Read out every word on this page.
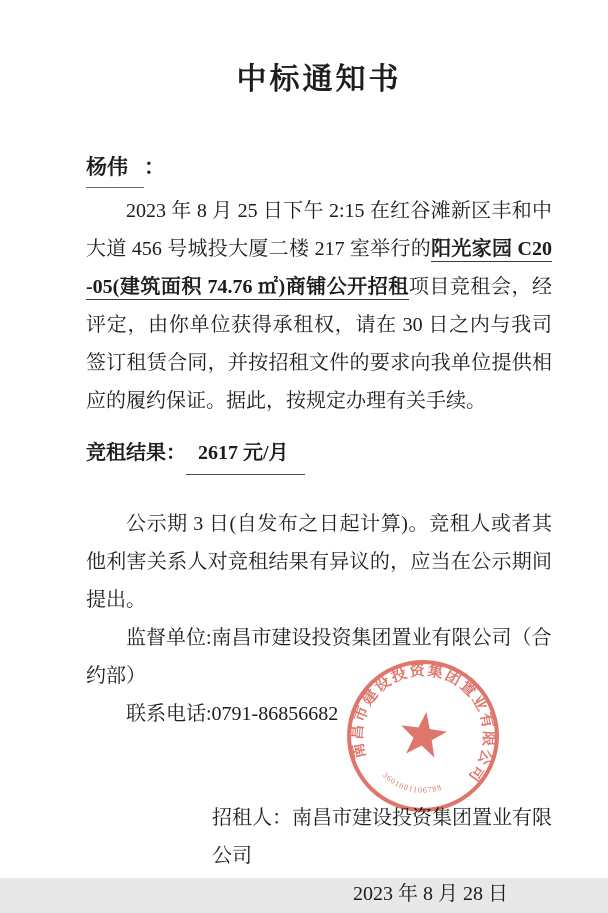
中标通知书
杨伟 ：

2023 年 8 月 25 日下午 2:15 在红谷滩新区丰和中大道 456 号城投大厦二楼 217 室举行的阳光家园 C20-05(建筑面积 74.76 ㎡)商铺公开招租项目竞租会，经评定，由你单位获得承租权，请在 30 日之内与我司签订租赁合同，并按招租文件的要求向我单位提供相应的履约保证。据此，按规定办理有关手续。

竞租结果： 2617 元/月

公示期 3 日(自发布之日起计算)。竞租人或者其他利害关系人对竞租结果有异议的，应当在公示期间提出。

监督单位:南昌市建设投资集团置业有限公司（合约部）

联系电话:0791-86856682

招租人：南昌市建设投资集团置业有限公司
2023 年 8 月 28 日
南昌市建设投资集团置业有限公司
3601081106788
